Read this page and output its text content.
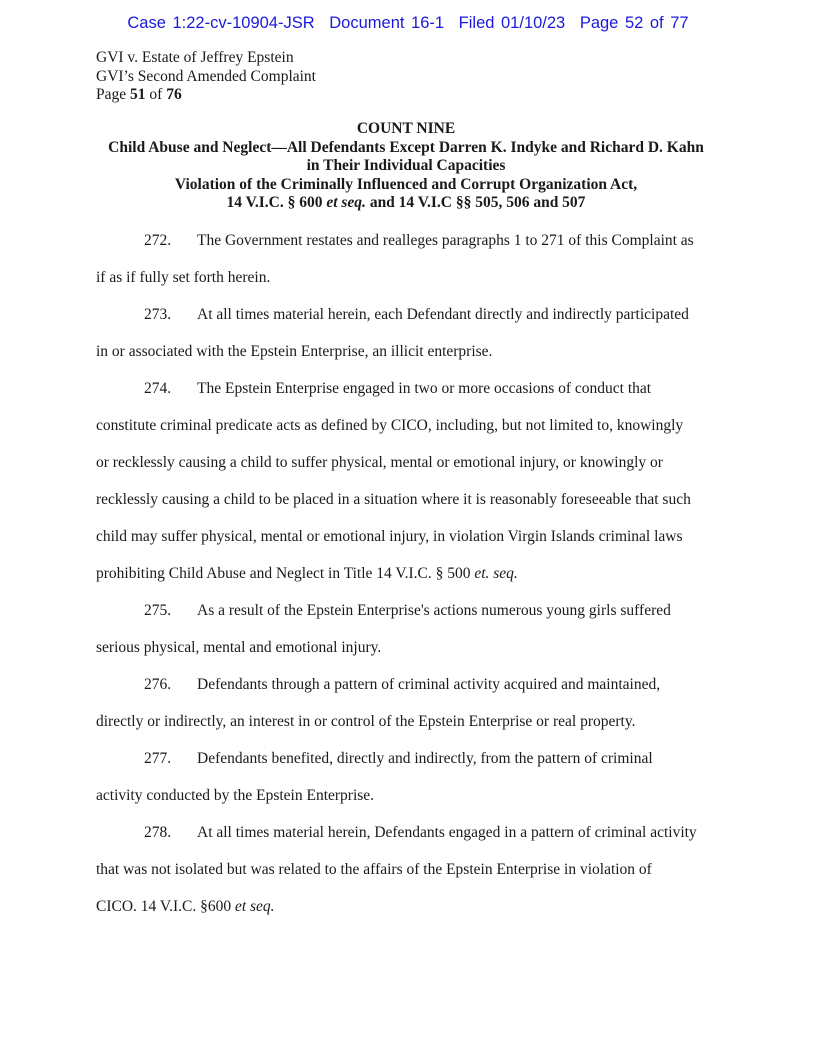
Case 1:22-cv-10904-JSR Document 16-1 Filed 01/10/23 Page 52 of 77
GVI v. Estate of Jeffrey Epstein
GVI’s Second Amended Complaint
Page 51 of 76
COUNT NINE
Child Abuse and Neglect—All Defendants Except Darren K. Indyke and Richard D. Kahn
in Their Individual Capacities
Violation of the Criminally Influenced and Corrupt Organization Act,
14 V.I.C. § 600 et seq. and 14 V.I.C §§ 505, 506 and 507
272. The Government restates and realleges paragraphs 1 to 271 of this Complaint as
if as if fully set forth herein.
273. At all times material herein, each Defendant directly and indirectly participated
in or associated with the Epstein Enterprise, an illicit enterprise.
274. The Epstein Enterprise engaged in two or more occasions of conduct that
constitute criminal predicate acts as defined by CICO, including, but not limited to, knowingly
or recklessly causing a child to suffer physical, mental or emotional injury, or knowingly or
recklessly causing a child to be placed in a situation where it is reasonably foreseeable that such
child may suffer physical, mental or emotional injury, in violation Virgin Islands criminal laws
prohibiting Child Abuse and Neglect in Title 14 V.I.C. § 500 et. seq.
275. As a result of the Epstein Enterprise's actions numerous young girls suffered
serious physical, mental and emotional injury.
276. Defendants through a pattern of criminal activity acquired and maintained,
directly or indirectly, an interest in or control of the Epstein Enterprise or real property.
277. Defendants benefited, directly and indirectly, from the pattern of criminal
activity conducted by the Epstein Enterprise.
278. At all times material herein, Defendants engaged in a pattern of criminal activity
that was not isolated but was related to the affairs of the Epstein Enterprise in violation of
CICO. 14 V.I.C. §600 et seq.
